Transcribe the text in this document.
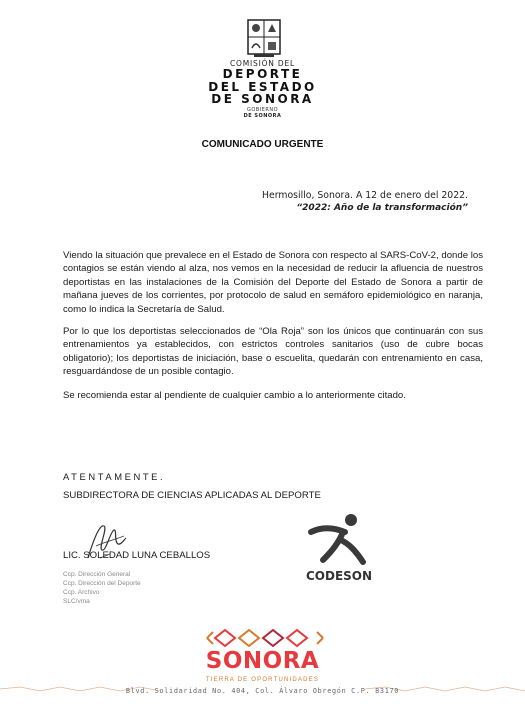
COMISIÓN DEL
DEPORTE
DEL ESTADO
DE SONORA
GOBIERNO
DE SONORA
COMUNICADO URGENTE
Hermosillo, Sonora. A 12 de enero del 2022.
“2022: Año de la transformación”
Viendo la situación que prevalece en el Estado de Sonora con respecto al SARS-CoV-2, donde los contagios se están viendo al alza, nos vemos en la necesidad de reducir la afluencia de nuestros deportistas en las instalaciones de la Comisión del Deporte del Estado de Sonora a partir de mañana jueves de los corrientes, por protocolo de salud en semáforo epidemiológico en naranja, como lo indica la Secretaría de Salud.
Por lo que los deportistas seleccionados de “Ola Roja” son los únicos que continuarán con sus entrenamientos ya establecidos, con estrictos controles sanitarios (uso de cubre bocas obligatorio); los deportistas de iniciación, base o escuelita, quedarán con entrenamiento en casa, resguardándose de un posible contagio.
Se recomienda estar al pendiente de cualquier cambio a lo anteriormente citado.
ATENTAMENTE.
SUBDIRECTORA DE CIENCIAS APLICADAS AL DEPORTE
LIC. SOLEDAD LUNA CEBALLOS
Ccp. Dirección General
Ccp. Dirección del Deporte
Ccp. Archivo
SLC/vma
CODESON
SONORA
TIERRA DE OPORTUNIDADES
Blvd. Solidaridad No. 404, Col. Álvaro Obregón C.P. 83170
